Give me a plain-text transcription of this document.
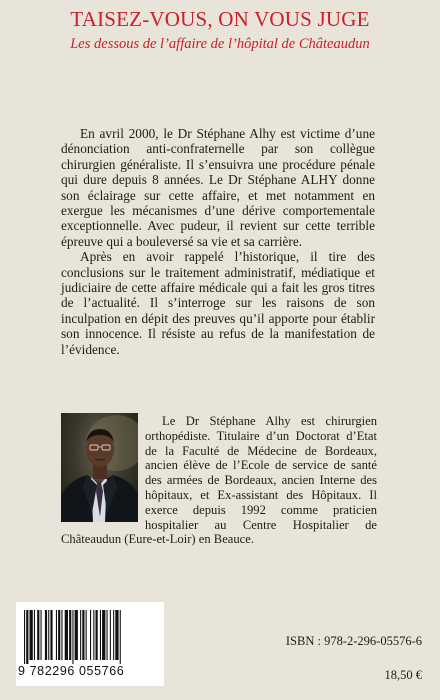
TAISEZ-VOUS, ON VOUS JUGE
Les dessous de l’affaire de l’hôpital de Châteaudun

En avril 2000, le Dr Stéphane Alhy est victime d’une dénonciation anti-confraternelle par son collègue chirurgien généraliste. Il s’ensuivra une procédure pénale qui dure depuis 8 années. Le Dr Stéphane ALHY donne son éclairage sur cette affaire, et met notamment en exergue les mécanismes d’une dérive comportementale exceptionnelle. Avec pudeur, il revient sur cette terrible épreuve qui a bouleversé sa vie et sa carrière.

Après en avoir rappelé l’historique, il tire des conclusions sur le traitement administratif, médiatique et judiciaire de cette affaire médicale qui a fait les gros titres de l’actualité. Il s’interroge sur les raisons de son inculpation en dépit des preuves qu’il apporte pour établir son innocence. Il résiste au refus de la manifestation de l’évidence.

Le Dr Stéphane Alhy est chirurgien orthopédiste. Titulaire d’un Doctorat d’Etat de la Faculté de Médecine de Bordeaux, ancien élève de l’Ecole de service de santé des armées de Bordeaux, ancien Interne des hôpitaux, et Ex-assistant des Hôpitaux. Il exerce depuis 1992 comme praticien hospitalier au Centre Hospitalier de Châteaudun (Eure-et-Loir) en Beauce.

9 782296 055766
ISBN : 978-2-296-05576-6
18,50 €
